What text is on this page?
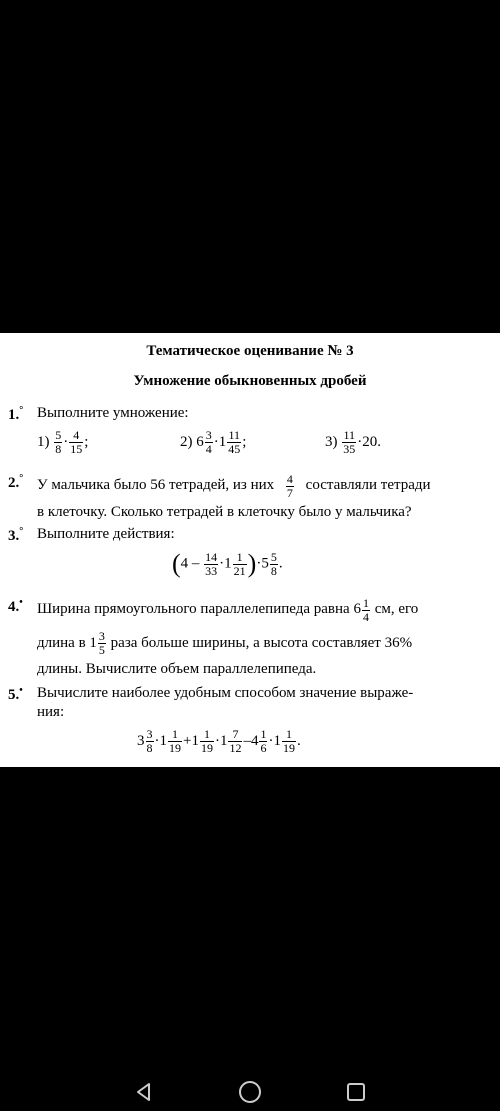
Тематическое оценивание № 3
Умножение обыкновенных дробей
1.° Выполните умножение:
$1) \frac{5}{8} \cdot \frac{4}{15}$ ;	2) $6 \frac{3}{4} \cdot 1 \frac{11}{45}$ ;	$3) \frac{11}{35} \cdot 20$.
2.° У мальчика было 56 тетрадей, из них $\frac{4}{7}$ составляли тетради
в клеточку. Сколько тетрадей в клеточку было у мальчика?
3.° Выполните действия:
$(4 - \frac{14}{33} \cdot 1 \frac{1}{21} )\cdot 5 \frac{5}{8}$ .
4.• Ширина прямоугольного параллелепипеда равна $6 \frac{1}{4}$ см, его
длина в $1 \frac{3}{5}$ раза больше ширины, а высота составляет 36%
длины. Вычислите объем параллелепипеда.
5.• Вычислите наиболее удобным способом значение выраже-
ния:
$3 \frac{3}{8} \cdot 1 \frac{1}{19} +1 \frac{1}{19} \cdot 1 \frac{7}{12} -4 \frac{1}{6} \cdot 1 \frac{1}{19}$ .
